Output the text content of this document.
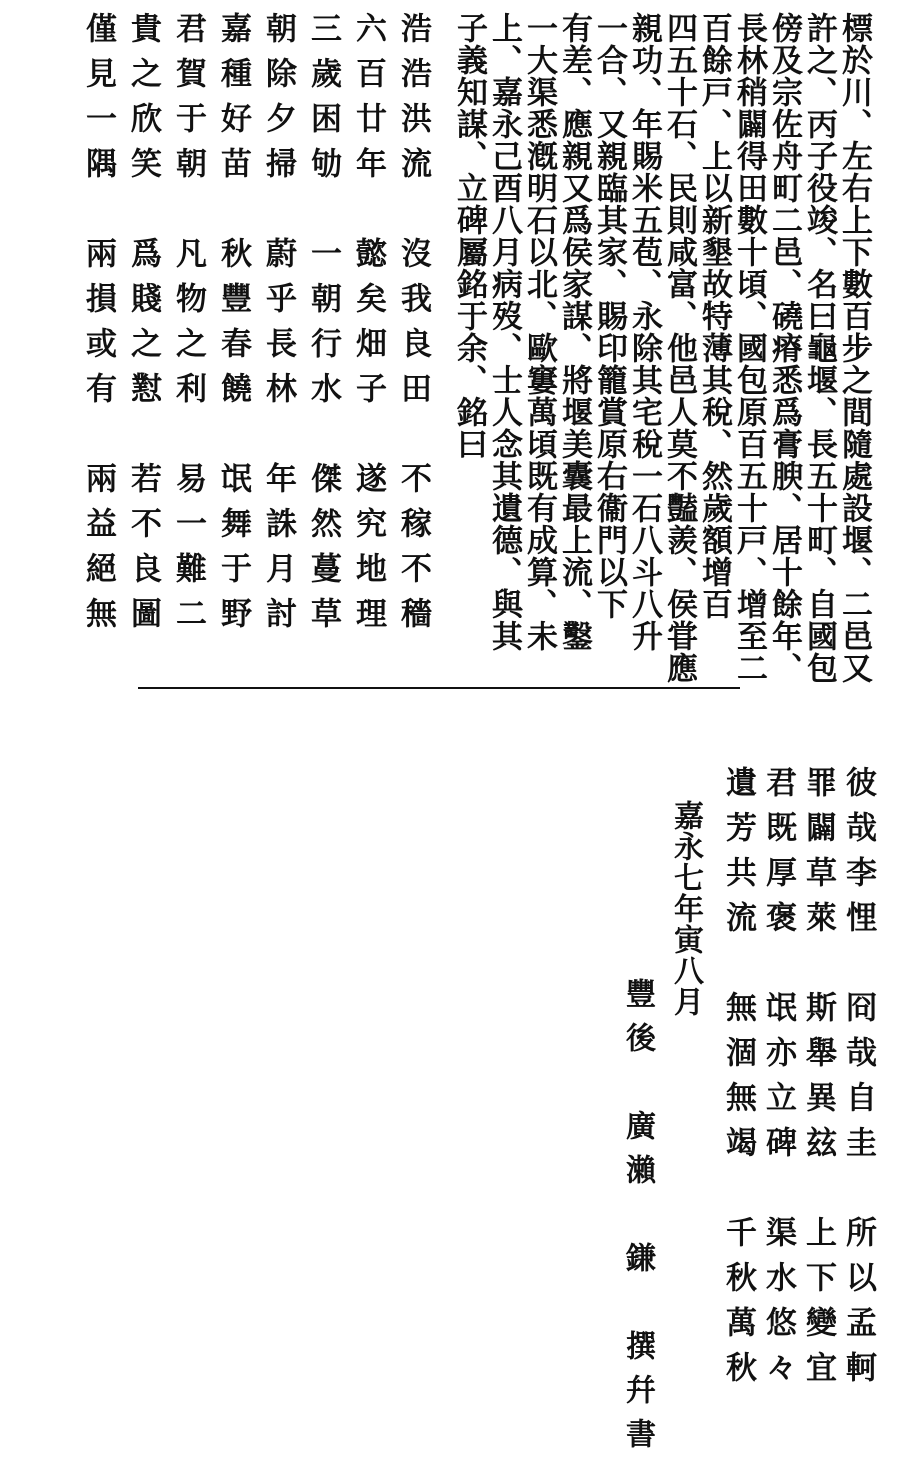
標於川、左右上下數百步之間隨處設堰、二邑又
許之、丙子役竣、名曰龜堰、長五十町、自國包
傍及宗佐舟町二邑、磽瘠悉爲膏腴、居十餘年、
長林稍闢得田數十頃、國包原百五十戸、增至二
百餘戸、上以新墾故特薄其稅、然歲額增百
四五十石、民則咸富、他邑人莫不豔羨、侯甞應
親功、年賜米五苞、永除其宅稅一石八斗八升
一合、又親臨其家、賜印籠賞原右衞門以下
有差、應親又爲侯家謀、將堰美囊最上流、鑿
一大渠悉漑明石以北、歐窶萬頃既有成算、未
上、嘉永己酉八月病歿、士人念其遺德、與其
子義知謀、立碑屬銘于余、銘曰
浩浩洪流　沒我良田　不稼不穡
六百廿年　懿矣畑子　遂究地理
三歲困劬　一朝行水　傑然蔓草
朝除夕掃　蔚乎長林　年誅月討
嘉種好苗　秋豐春饒　氓舞于野
君賀于朝　凡物之利　易一難二
貴之欣笑　爲賤之懟　若不良圖
僅見一隅　兩損或有　兩益絕無
彼哉李悝　冏哉自圭　所以孟軻
罪闢草萊　斯舉異玆　上下變宜
君既厚褒　氓亦立碑　渠水悠々
遺芳共流　無涸無竭　千秋萬秋
嘉永七年寅八月
豐後　廣瀨　鎌　撰幷書
